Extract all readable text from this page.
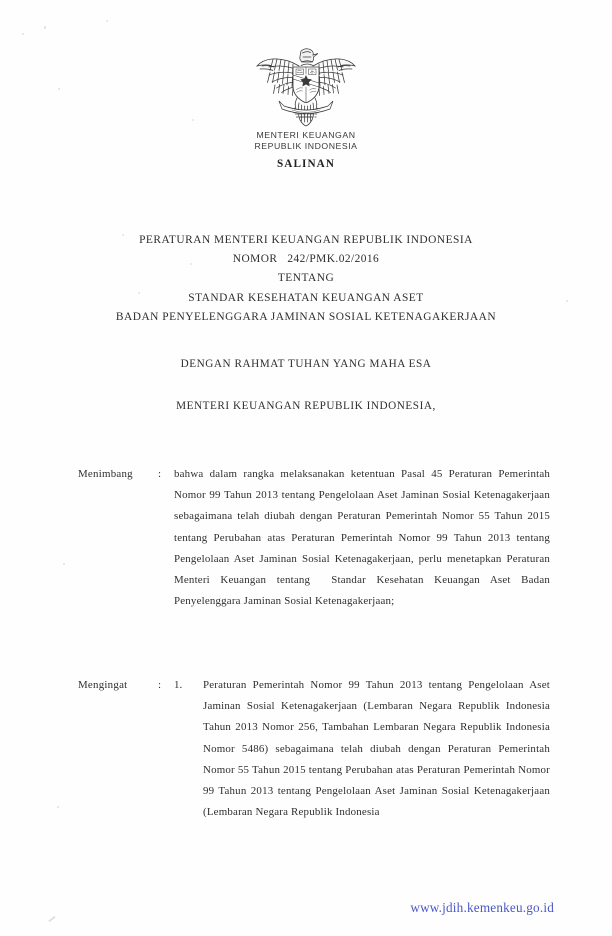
MENTERI KEUANGAN
REPUBLIK INDONESIA
SALINAN
PERATURAN MENTERI KEUANGAN REPUBLIK INDONESIA
NOMOR   242/PMK.02/2016
TENTANG
STANDAR KESEHATAN KEUANGAN ASET
BADAN PENYELENGGARA JAMINAN SOSIAL KETENAGAKERJAAN
DENGAN RAHMAT TUHAN YANG MAHA ESA
MENTERI KEUANGAN REPUBLIK INDONESIA,
Menimbang	:	bahwa dalam rangka melaksanakan ketentuan Pasal 45 Peraturan Pemerintah Nomor 99 Tahun 2013 tentang Pengelolaan Aset Jaminan Sosial Ketenagakerjaan sebagaimana telah diubah dengan Peraturan Pemerintah Nomor 55 Tahun 2015 tentang Perubahan atas Peraturan Pemerintah Nomor 99 Tahun 2013 tentang Pengelolaan Aset Jaminan Sosial Ketenagakerjaan, perlu menetapkan Peraturan Menteri Keuangan tentang  Standar Kesehatan Keuangan Aset Badan Penyelenggara Jaminan Sosial Ketenagakerjaan;
Mengingat	:	1.	Peraturan Pemerintah Nomor 99 Tahun 2013 tentang Pengelolaan Aset Jaminan Sosial Ketenagakerjaan (Lembaran Negara Republik Indonesia Tahun 2013 Nomor 256, Tambahan Lembaran Negara Republik Indonesia Nomor 5486) sebagaimana telah diubah dengan Peraturan Pemerintah Nomor 55 Tahun 2015 tentang Perubahan atas Peraturan Pemerintah Nomor 99 Tahun 2013 tentang Pengelolaan Aset Jaminan Sosial Ketenagakerjaan (Lembaran Negara Republik Indonesia
www.jdih.kemenkeu.go.id
